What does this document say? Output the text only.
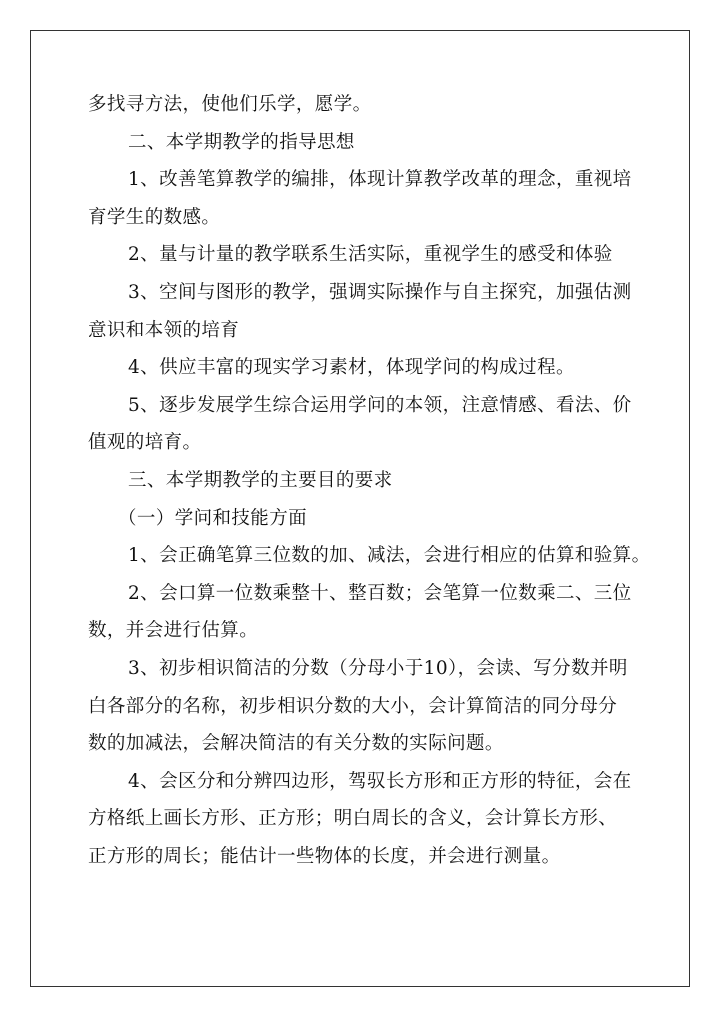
多找寻方法，使他们乐学，愿学。
二、本学期教学的指导思想
1、改善笔算教学的编排，体现计算教学改革的理念，重视培
育学生的数感。
2、量与计量的教学联系生活实际，重视学生的感受和体验
3、空间与图形的教学，强调实际操作与自主探究，加强估测
意识和本领的培育
4、供应丰富的现实学习素材，体现学问的构成过程。
5、逐步发展学生综合运用学问的本领，注意情感、看法、价
值观的培育。
三、本学期教学的主要目的要求
（一）学问和技能方面
1、会正确笔算三位数的加、减法，会进行相应的估算和验算。
2、会口算一位数乘整十、整百数；会笔算一位数乘二、三位
数，并会进行估算。
3、初步相识简洁的分数（分母小于10），会读、写分数并明
白各部分的名称，初步相识分数的大小，会计算简洁的同分母分
数的加减法，会解决简洁的有关分数的实际问题。
4、会区分和分辨四边形，驾驭长方形和正方形的特征，会在
方格纸上画长方形、正方形；明白周长的含义，会计算长方形、
正方形的周长；能估计一些物体的长度，并会进行测量。
